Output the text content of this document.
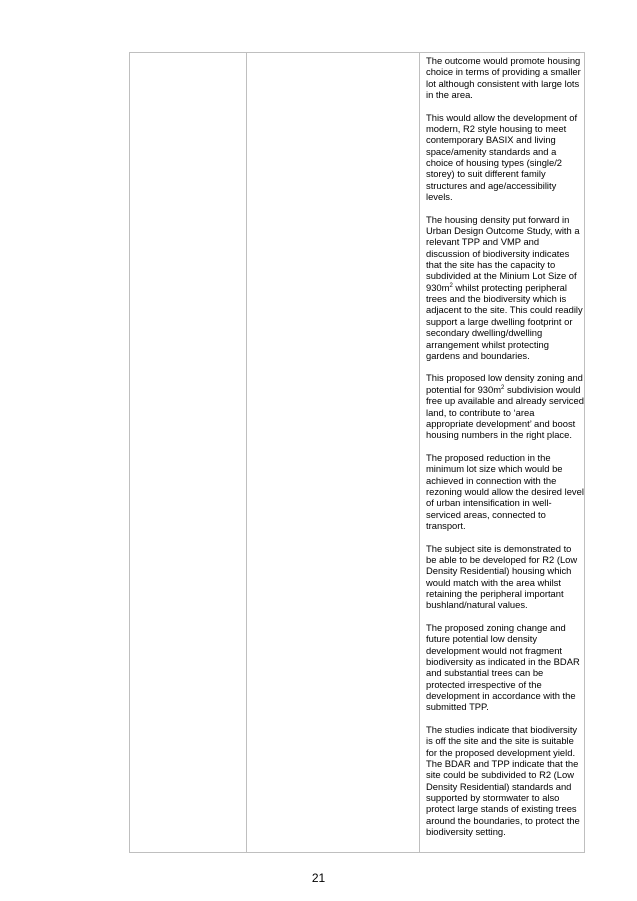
The outcome would promote housing choice in terms of providing a smaller lot although consistent with large lots in the area.

This would allow the development of modern, R2 style housing to meet contemporary BASIX and living space/amenity standards and a choice of housing types (single/2 storey) to suit different family structures and age/accessibility levels.

The housing density put forward in Urban Design Outcome Study, with a relevant TPP and VMP and discussion of biodiversity indicates that the site has the capacity to subdivided at the Minium Lot Size of $930m^2$ whilst protecting peripheral trees and the biodiversity which is adjacent to the site. This could readily support a large dwelling footprint or secondary dwelling/dwelling arrangement whilst protecting gardens and boundaries.

This proposed low density zoning and potential for $930m^2$ subdivision would free up available and already serviced land, to contribute to ‘area appropriate development’ and boost housing numbers in the right place.

The proposed reduction in the minimum lot size which would be achieved in connection with the rezoning would allow the desired level of urban intensification in well-serviced areas, connected to transport.

The subject site is demonstrated to be able to be developed for R2 (Low Density Residential) housing which would match with the area whilst retaining the peripheral important bushland/natural values.

The proposed zoning change and future potential low density development would not fragment biodiversity as indicated in the BDAR and substantial trees can be protected irrespective of the development in accordance with the submitted TPP.

The studies indicate that biodiversity is off the site and the site is suitable for the proposed development yield. The BDAR and TPP indicate that the site could be subdivided to R2 (Low Density Residential) standards and supported by stormwater to also protect large stands of existing trees around the boundaries, to protect the biodiversity setting.

21
